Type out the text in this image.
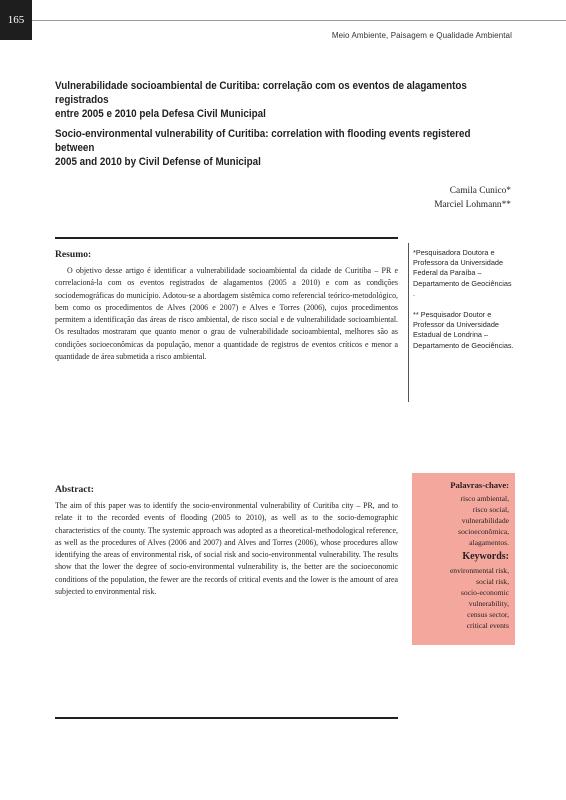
165
Meio Ambiente, Paisagem e Qualidade Ambiental
Vulnerabilidade socioambiental de Curitiba: correlação com os eventos de alagamentos registrados
entre 2005 e 2010 pela Defesa Civil Municipal
Socio-environmental vulnerability of Curitiba: correlation with flooding events registered between
2005 and 2010 by Civil Defense of Municipal
Camila Cunico*
Marciel Lohmann**
Resumo:

O objetivo desse artigo é identificar a vulnerabilidade socioambiental da cidade de Curitiba – PR e correlacioná-la com os eventos registrados de alagamentos (2005 a 2010) e com as condições sociodemográficas do município. Adotou-se a abordagem sistêmica como referencial teórico-metodológico, bem como os procedimentos de Alves (2006 e 2007) e Alves e Torres (2006), cujos procedimentos permitem a identificação das áreas de risco ambiental, de risco social e de vulnerabilidade socioambiental. Os resultados mostraram que quanto menor o grau de vulnerabilidade socioambiental, melhores são as condições socioeconômicas da população, menor a quantidade de registros de eventos críticos e menor a quantidade de área submetida a risco ambiental.

*Pesquisadora Doutora e Professora da Universidade Federal da Paraíba – Departamento de Geociências .

** Pesquisador Doutor e Professor da Universidade Estadual de Londrina – Departamento de Geociências.

Abstract:

The aim of this paper was to identify the socio-environmental vulnerability of Curitiba city – PR, and to relate it to the recorded events of flooding (2005 to 2010), as well as to the socio-demographic characteristics of the county. The systemic approach was adopted as a theoretical-methodological reference, as well as the procedures of Alves (2006 and 2007) and Alves and Torres (2006), whose procedures allow identifying the areas of environmental risk, of social risk and socio-environmental vulnerability. The results show that the lower the degree of socio-environmental vulnerability is, the better are the socioeconomic conditions of the population, the fewer are the records of critical events and the lower is the amount of area subjected to environmental risk.

Palavras-chave:

risco ambiental,
risco social,
vulnerabilidade
socioeconômica,
alagamentos.

Keywords:

environmental risk,
social risk,
socio-economic
vulnerability,
census sector,
critical events
